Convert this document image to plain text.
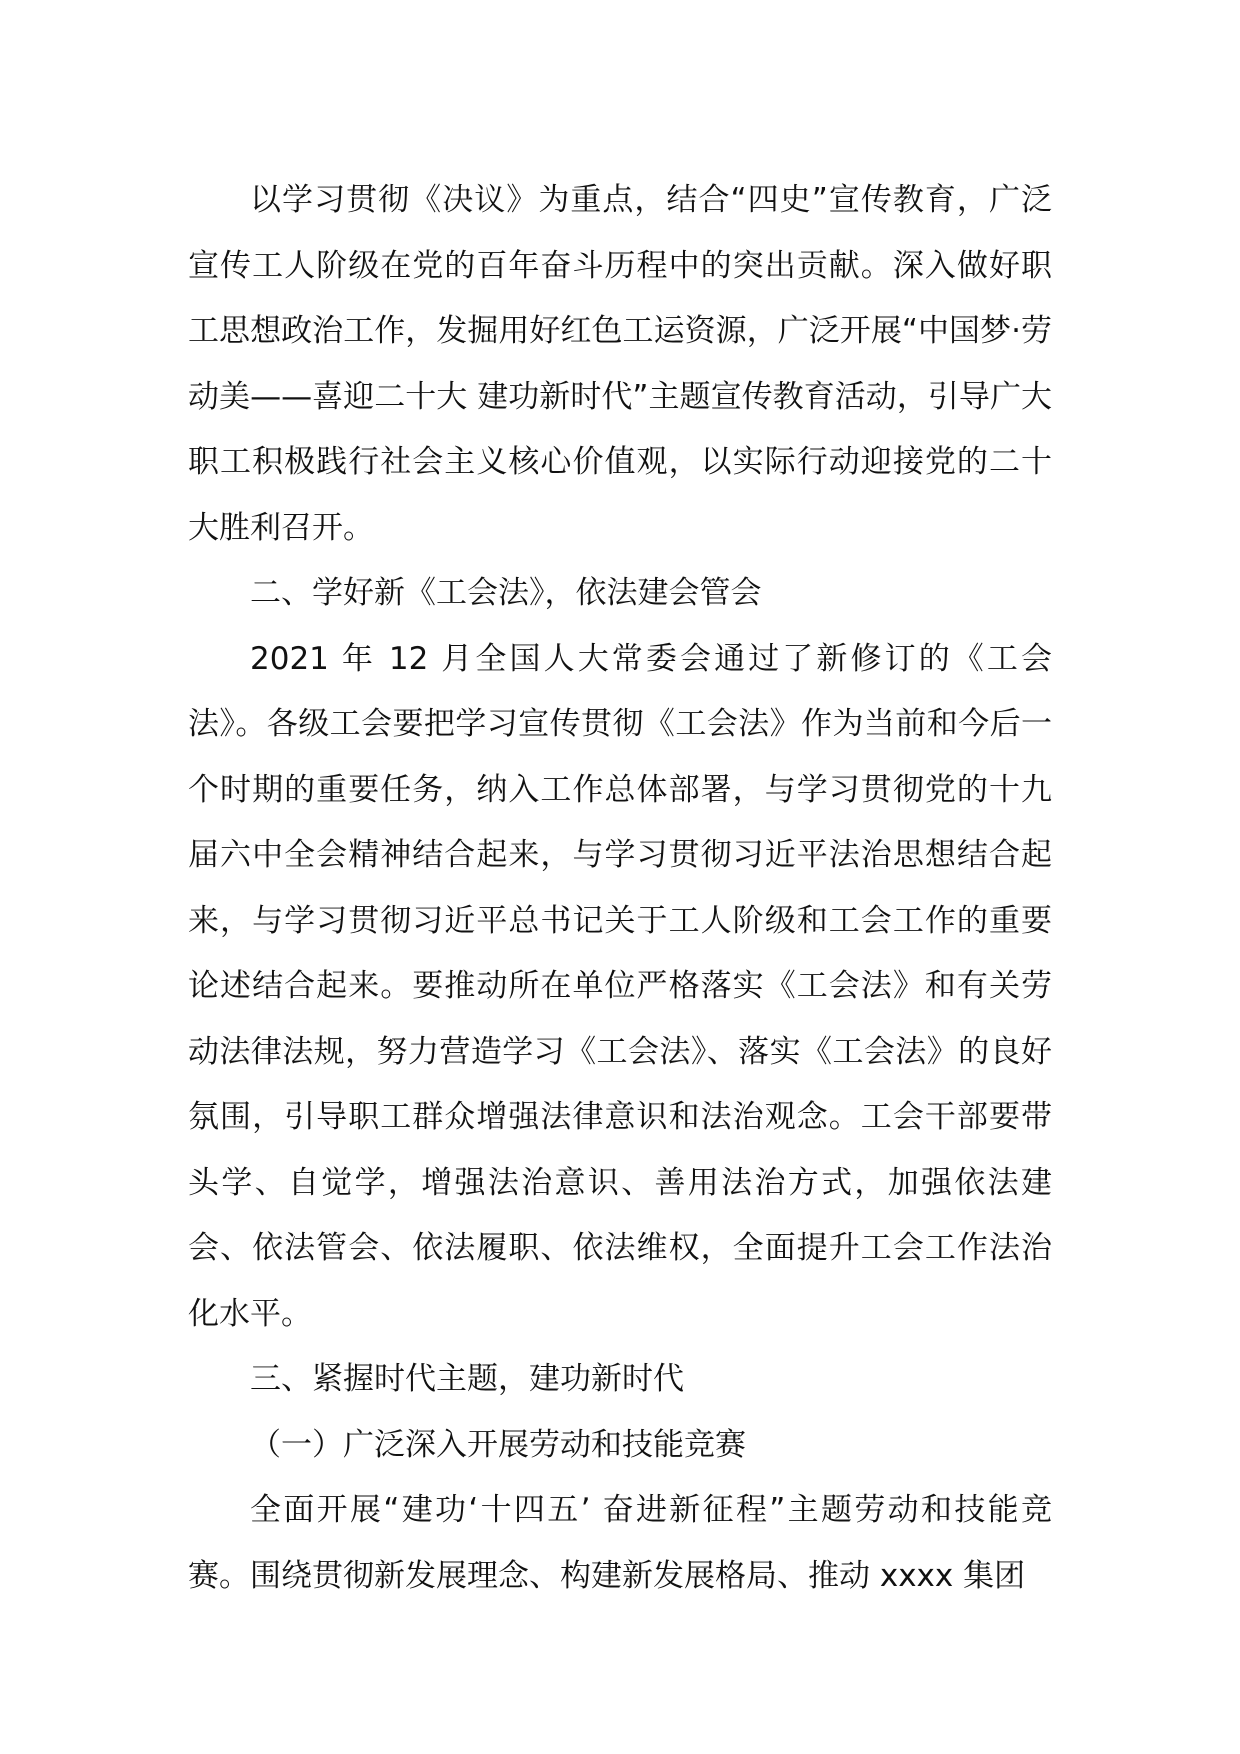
以学习贯彻《决议》为重点，结合“四史”宣传教育，广泛宣传工人阶级在党的百年奋斗历程中的突出贡献。深入做好职工思想政治工作，发掘用好红色工运资源，广泛开展“中国梦·劳动美——喜迎二十大 建功新时代”主题宣传教育活动，引导广大职工积极践行社会主义核心价值观，以实际行动迎接党的二十大胜利召开。

二、学好新《工会法》，依法建会管会

2021 年 12 月全国人大常委会通过了新修订的《工会法》。各级工会要把学习宣传贯彻《工会法》作为当前和今后一个时期的重要任务，纳入工作总体部署，与学习贯彻党的十九届六中全会精神结合起来，与学习贯彻习近平法治思想结合起来，与学习贯彻习近平总书记关于工人阶级和工会工作的重要论述结合起来。要推动所在单位严格落实《工会法》和有关劳动法律法规，努力营造学习《工会法》、落实《工会法》的良好氛围，引导职工群众增强法律意识和法治观念。工会干部要带头学、自觉学，增强法治意识、善用法治方式，加强依法建会、依法管会、依法履职、依法维权，全面提升工会工作法治化水平。

三、紧握时代主题，建功新时代

（一）广泛深入开展劳动和技能竞赛

全面开展“建功‘十四五’ 奋进新征程”主题劳动和技能竞赛。围绕贯彻新发展理念、构建新发展格局、推动 xxxx 集团
